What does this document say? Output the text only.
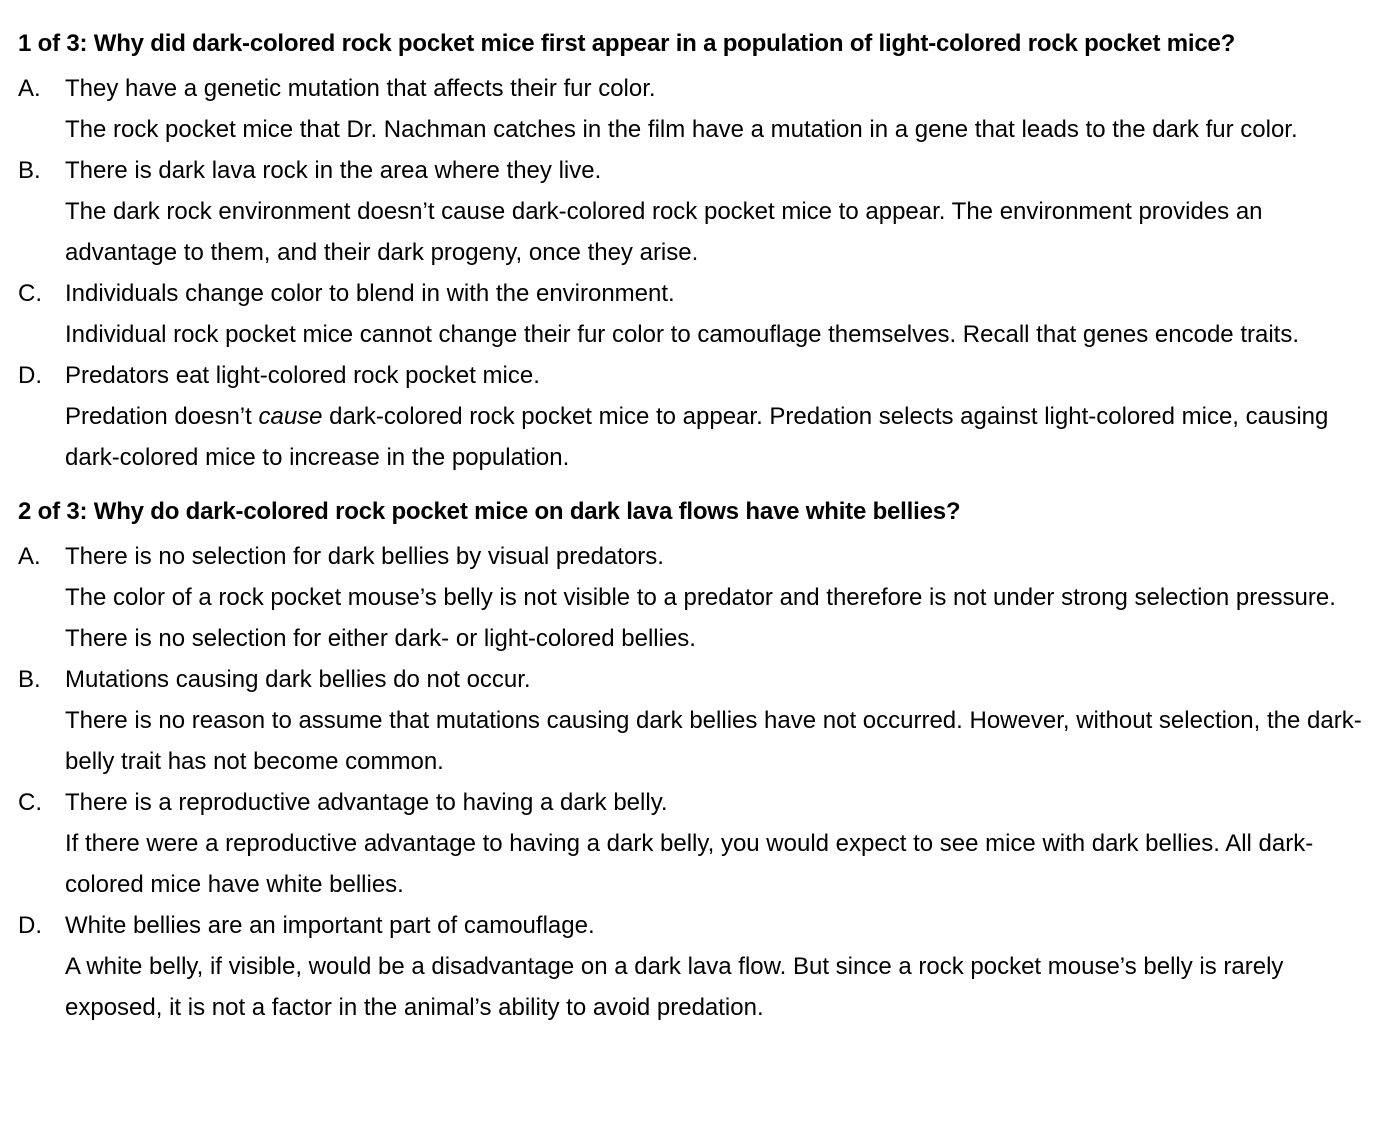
1 of 3: Why did dark-colored rock pocket mice first appear in a population of light-colored rock pocket mice?
A.	They have a genetic mutation that affects their fur color.
The rock pocket mice that Dr. Nachman catches in the film have a mutation in a gene that leads to the dark fur color.
B.	There is dark lava rock in the area where they live.
The dark rock environment doesn’t cause dark-colored rock pocket mice to appear. The environment provides an advantage to them, and their dark progeny, once they arise.
C. Individuals change color to blend in with the environment.
Individual rock pocket mice cannot change their fur color to camouflage themselves. Recall that genes encode traits.
D. Predators eat light-colored rock pocket mice.
Predation doesn’t cause dark-colored rock pocket mice to appear. Predation selects against light-colored mice, causing dark-colored mice to increase in the population.
2 of 3: Why do dark-colored rock pocket mice on dark lava flows have white bellies?
A.	There is no selection for dark bellies by visual predators.
The color of a rock pocket mouse’s belly is not visible to a predator and therefore is not under strong selection pressure. There is no selection for either dark- or light-colored bellies.
B.	Mutations causing dark bellies do not occur.
There is no reason to assume that mutations causing dark bellies have not occurred. However, without selection, the dark-belly trait has not become common.
C. There is a reproductive advantage to having a dark belly.
If there were a reproductive advantage to having a dark belly, you would expect to see mice with dark bellies. All dark-colored mice have white bellies.
D. White bellies are an important part of camouflage.
A white belly, if visible, would be a disadvantage on a dark lava flow. But since a rock pocket mouse’s belly is rarely exposed, it is not a factor in the animal’s ability to avoid predation.
